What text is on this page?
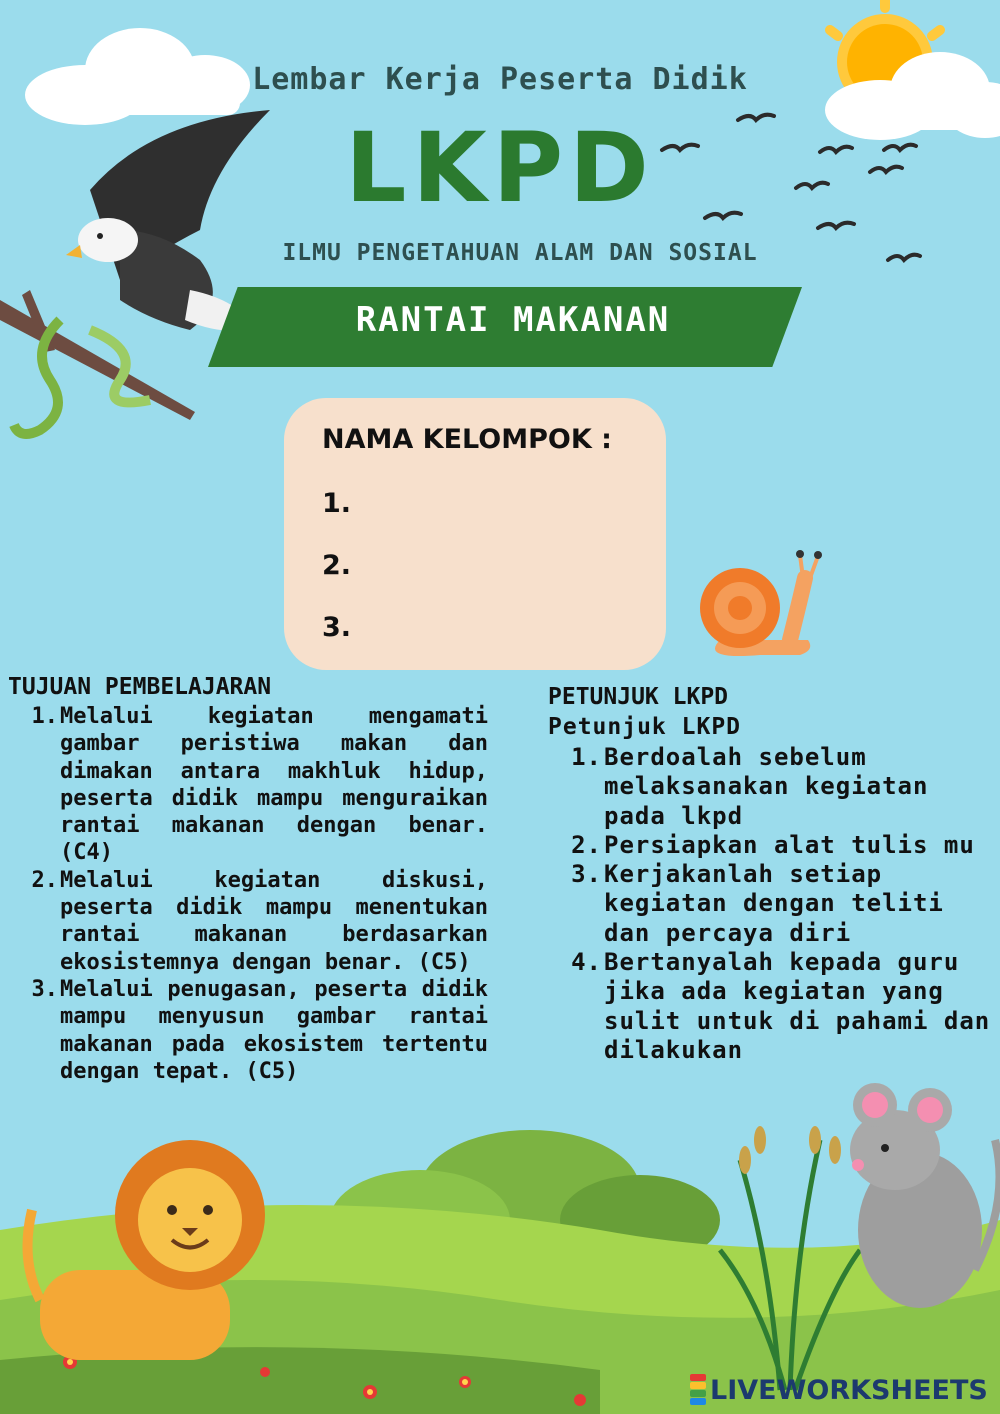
Lembar Kerja Peserta Didik
LKPD
ILMU PENGETAHUAN ALAM DAN SOSIAL
RANTAI MAKANAN
NAMA KELOMPOK :
1.
2.
3.
TUJUAN PEMBELAJARAN
1. Melalui kegiatan mengamati gambar peristiwa makan dan dimakan antara makhluk hidup, peserta didik mampu menguraikan rantai makanan dengan benar. (C4)
2. Melalui kegiatan diskusi, peserta didik mampu menentukan rantai makanan berdasarkan ekosistemnya dengan benar. (C5)
3. Melalui penugasan, peserta didik mampu menyusun gambar rantai makanan pada ekosistem tertentu dengan tepat. (C5)
PETUNJUK LKPD
Petunjuk LKPD
1. Berdoalah sebelum melaksanakan kegiatan pada lkpd
2. Persiapkan alat tulis mu
3. Kerjakanlah setiap kegiatan dengan teliti dan percaya diri
4. Bertanyalah kepada guru jika ada kegiatan yang sulit untuk di pahami dan dilakukan
LIVEWORKSHEETS
